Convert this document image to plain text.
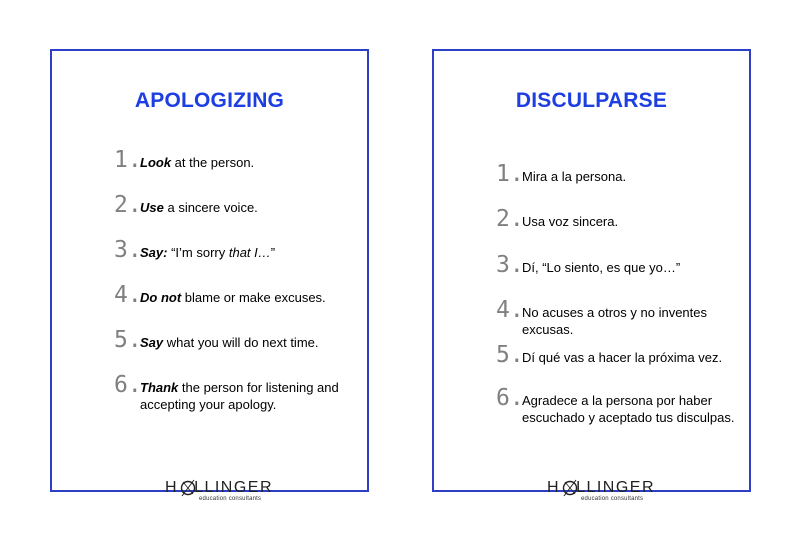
APOLOGIZING
1.
Look at the person.
2.
Use a sincere voice.
3.
Say: “I’m sorry that I…”
4.
Do not blame or make excuses.
5.
Say what you will do next time.
6.
Thank the person for listening and accepting your apology.
H LLINGER
education consultants
DISCULPARSE
1.
Mira a la persona.
2.
Usa voz sincera.
3.
Dí, “Lo siento, es que yo…”
4.
No acuses a otros y no inventes excusas.
5.
Dí qué vas a hacer la próxima vez.
6.
Agradece a la persona por haber escuchado y aceptado tus disculpas.
H LLINGER
education consultants
